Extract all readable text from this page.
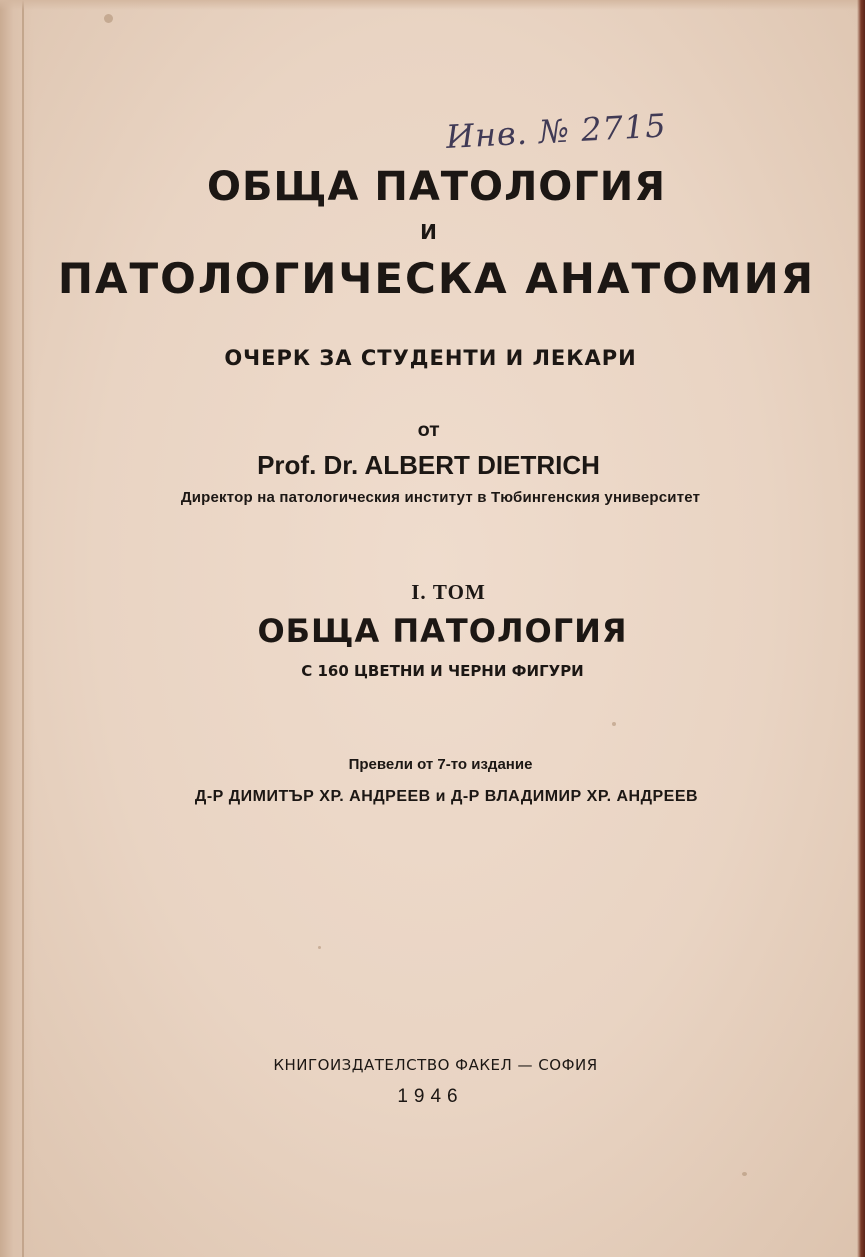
Инв. № 2715
ОБЩА ПАТОЛОГИЯ
И
ПАТОЛОГИЧЕСКА АНАТОМИЯ
ОЧЕРК ЗА СТУДЕНТИ И ЛЕКАРИ
ОТ
Prof. Dr. ALBERT DIETRICH
Директор на патологическия институт в Тюбингенския университет
I. ТОМ
ОБЩА ПАТОЛОГИЯ
С 160 ЦВЕТНИ И ЧЕРНИ ФИГУРИ
Превели от 7-то издание
Д-Р ДИМИТЪР ХР. АНДРЕЕВ и Д-Р ВЛАДИМИР ХР. АНДРЕЕВ
КНИГОИЗДАТЕЛСТВО ФАКЕЛ — СОФИЯ
1946
